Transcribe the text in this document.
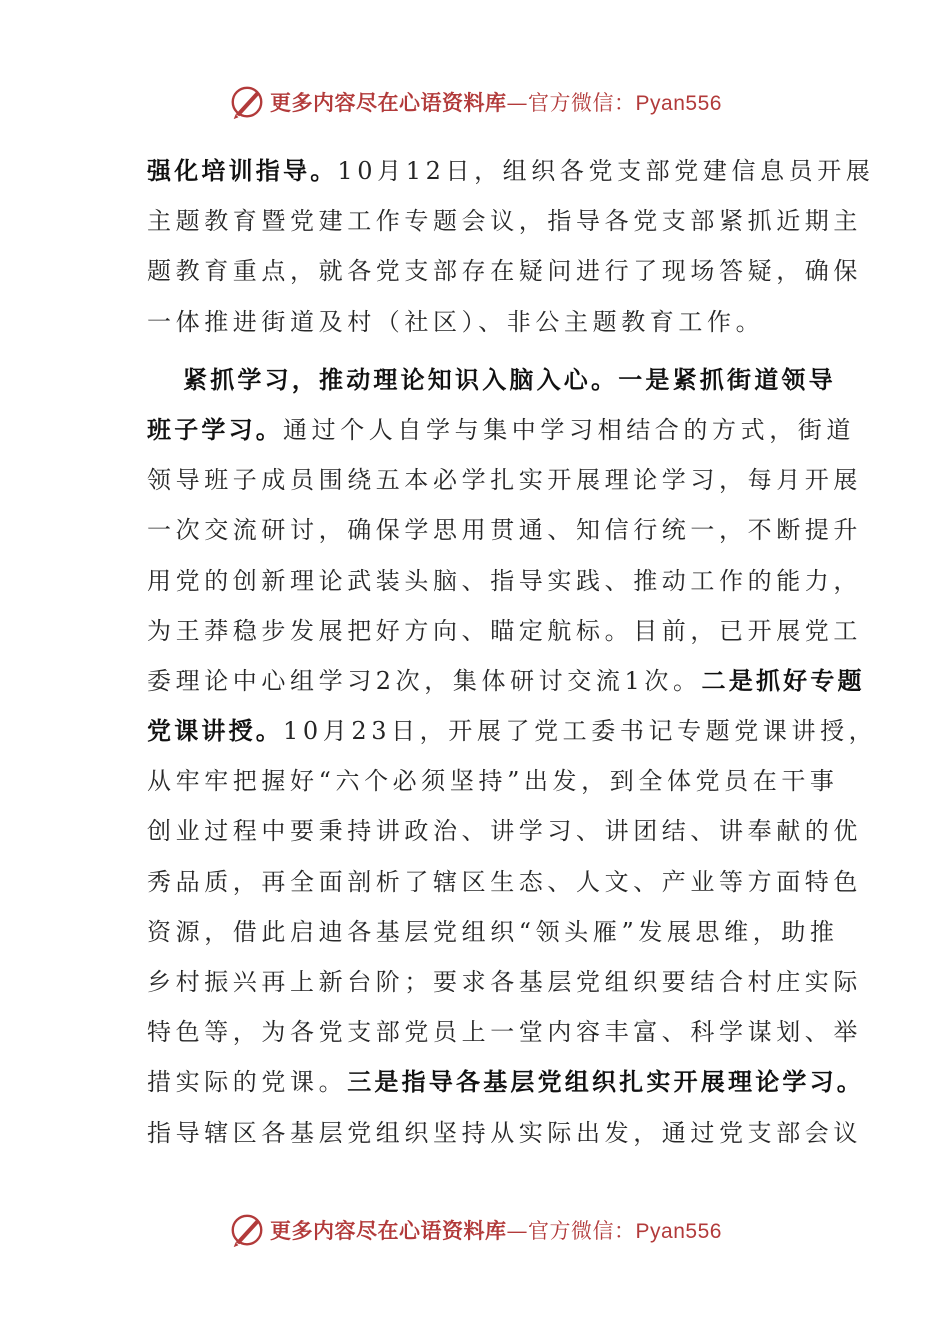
更多内容尽在心语资料库—官方微信：Pyan556
强化培训指导。10月12日，组织各党支部党建信息员开展
主题教育暨党建工作专题会议，指导各党支部紧抓近期主
题教育重点，就各党支部存在疑问进行了现场答疑，确保
一体推进街道及村（社区）、非公主题教育工作。
紧抓学习，推动理论知识入脑入心。一是紧抓街道领导
班子学习。通过个人自学与集中学习相结合的方式，街道
领导班子成员围绕五本必学扎实开展理论学习，每月开展
一次交流研讨，确保学思用贯通、知信行统一，不断提升
用党的创新理论武装头脑、指导实践、推动工作的能力，
为王莽稳步发展把好方向、瞄定航标。目前，已开展党工
委理论中心组学习2次，集体研讨交流1次。二是抓好专题
党课讲授。10月23日，开展了党工委书记专题党课讲授，
从牢牢把握好“六个必须坚持”出发，到全体党员在干事
创业过程中要秉持讲政治、讲学习、讲团结、讲奉献的优
秀品质，再全面剖析了辖区生态、人文、产业等方面特色
资源，借此启迪各基层党组织“领头雁”发展思维，助推
乡村振兴再上新台阶；要求各基层党组织要结合村庄实际
特色等，为各党支部党员上一堂内容丰富、科学谋划、举
措实际的党课。三是指导各基层党组织扎实开展理论学习。
指导辖区各基层党组织坚持从实际出发，通过党支部会议
更多内容尽在心语资料库—官方微信：Pyan556
